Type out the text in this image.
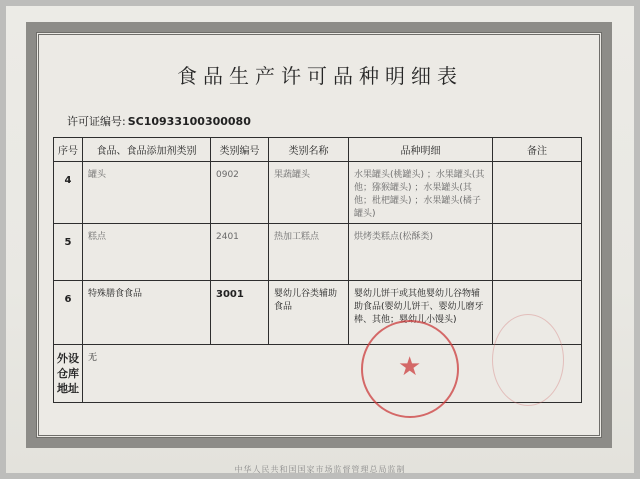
食品生产许可品种明细表
许可证编号: SC10933100300080
序号	食品、食品添加剂类别	类别编号	类别名称	品种明细	备注
4	罐头	0902	果蔬罐头	水果罐头(桃罐头) ；水果罐头(其他；猕猴罐头) ；水果罐头(其他；枇杷罐头) ；水果罐头(橘子罐头)	
5	糕点	2401	热加工糕点	烘烤类糕点(松酥类)	
6	特殊膳食食品	3001	婴幼儿谷类辅助食品	婴幼儿饼干或其他婴幼儿谷物辅助食品(婴幼儿饼干、婴幼儿磨牙棒、其他；婴幼儿小馒头)	
外设仓库地址	无					★
中华人民共和国国家市场监督管理总局监制
